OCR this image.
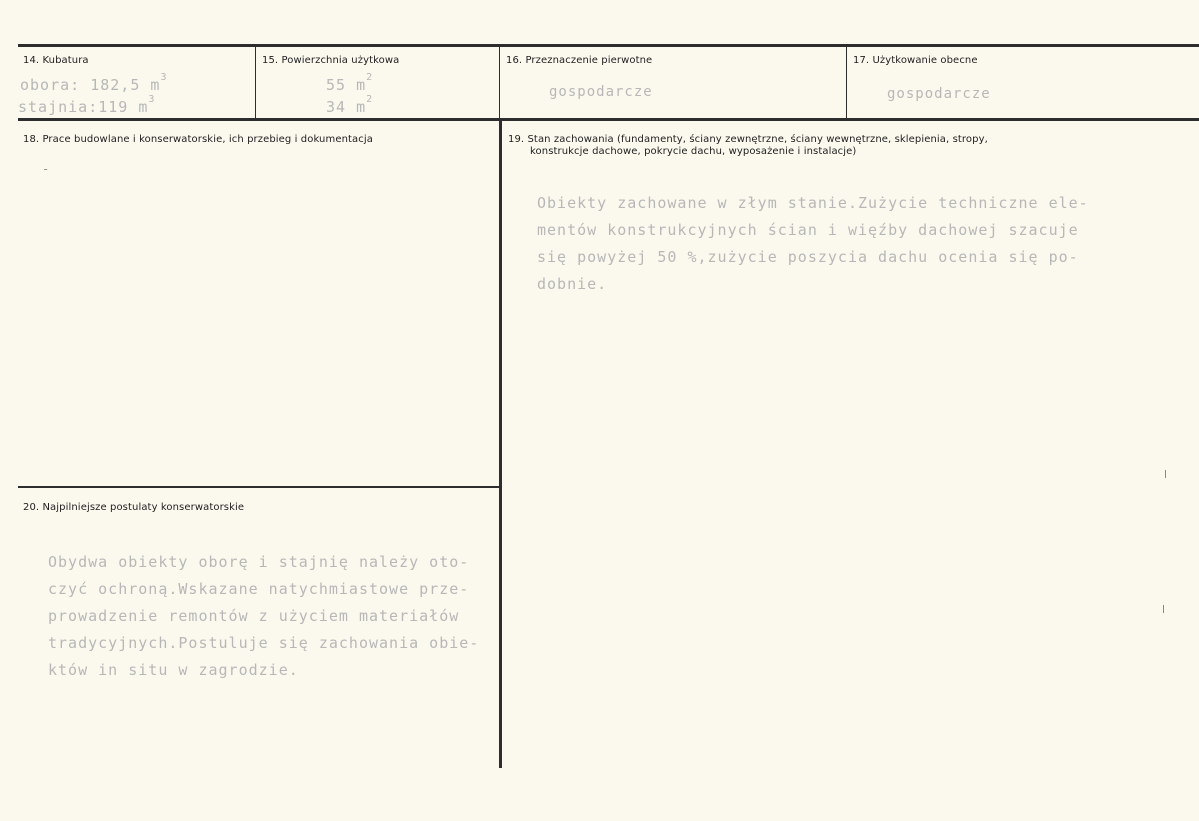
14. Kubatura
obora: 182,5 $m^3$
stajnia:119 $m^3$
15. Powierzchnia użytkowa
55 $m^2$
34 $m^2$
16. Przeznaczenie pierwotne
gospodarcze
17. Użytkowanie obecne
gospodarcze
18. Prace budowlane i konserwatorskie, ich przebieg i dokumentacja
-
19. Stan zachowania (fundamenty, ściany zewnętrzne, ściany wewnętrzne, sklepienia, stropy,
konstrukcje dachowe, pokrycie dachu, wyposażenie i instalacje)
Obiekty zachowane w złym stanie.Zużycie techniczne ele-
mentów konstrukcyjnych ścian i więźby dachowej szacuje
się powyżej 50 %,zużycie poszycia dachu ocenia się po-
dobnie.
20. Najpilniejsze postulaty konserwatorskie
Obydwa obiekty oborę i stajnię należy oto-
czyć ochroną.Wskazane natychmiastowe prze-
prowadzenie remontów z użyciem materiałów
tradycyjnych.Postuluje się zachowania obie-
któw in situ w zagrodzie.
